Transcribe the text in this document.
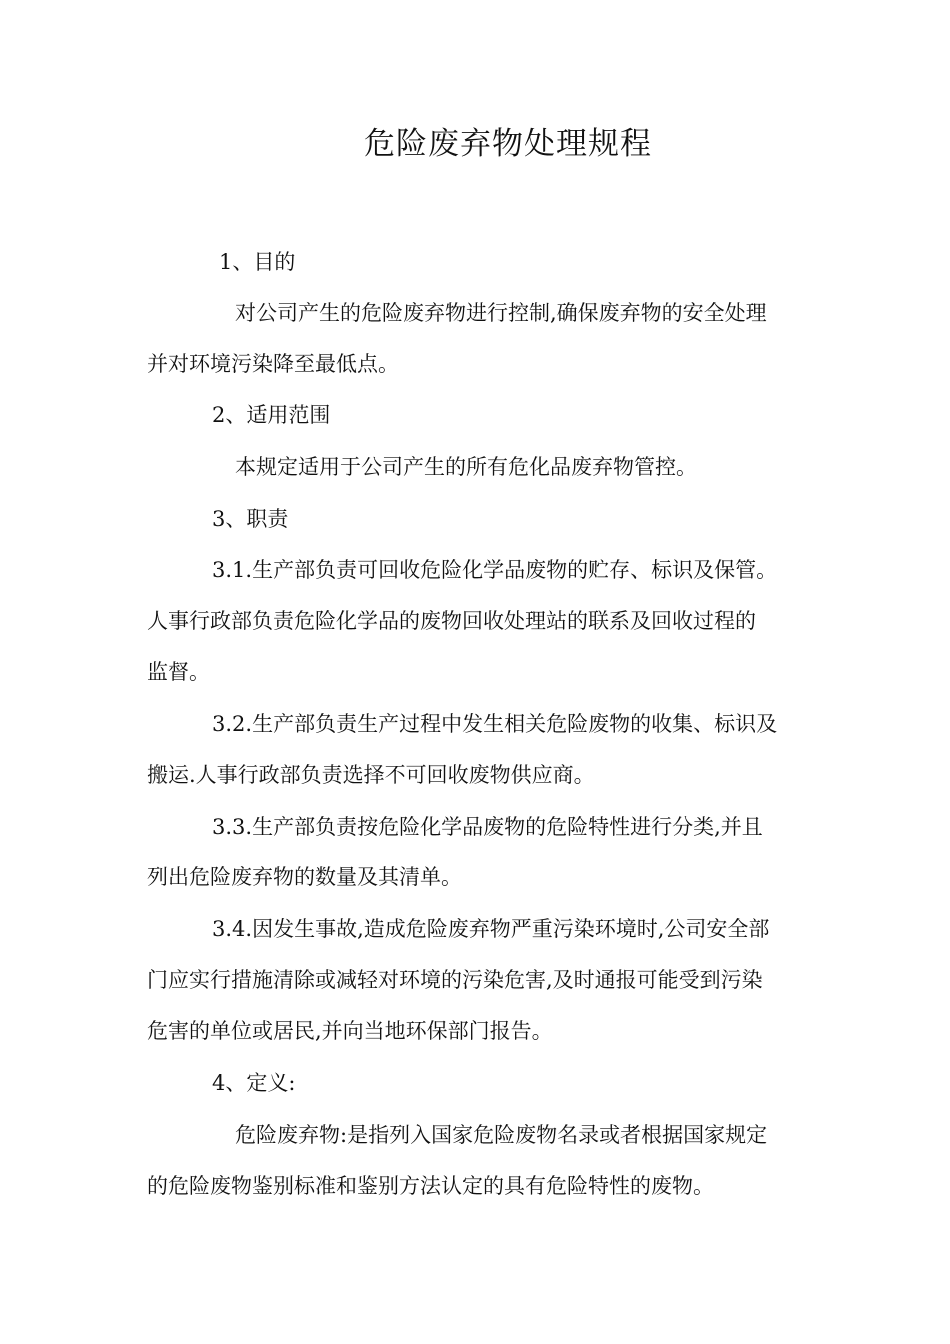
危险废弃物处理规程
1、目的
对公司产生的危险废弃物进行控制,确保废弃物的安全处理
并对环境污染降至最低点。
2、适用范围
本规定适用于公司产生的所有危化品废弃物管控。
3、职责
3.1.生产部负责可回收危险化学品废物的贮存、标识及保管。
人事行政部负责危险化学品的废物回收处理站的联系及回收过程的
监督。
3.2.生产部负责生产过程中发生相关危险废物的收集、标识及
搬运.人事行政部负责选择不可回收废物供应商。
3.3.生产部负责按危险化学品废物的危险特性进行分类,并且
列出危险废弃物的数量及其清单。
3.4.因发生事故,造成危险废弃物严重污染环境时,公司安全部
门应实行措施清除或减轻对环境的污染危害,及时通报可能受到污染
危害的单位或居民,并向当地环保部门报告。
4、定义:
危险废弃物:是指列入国家危险废物名录或者根据国家规定
的危险废物鉴别标准和鉴别方法认定的具有危险特性的废物。
